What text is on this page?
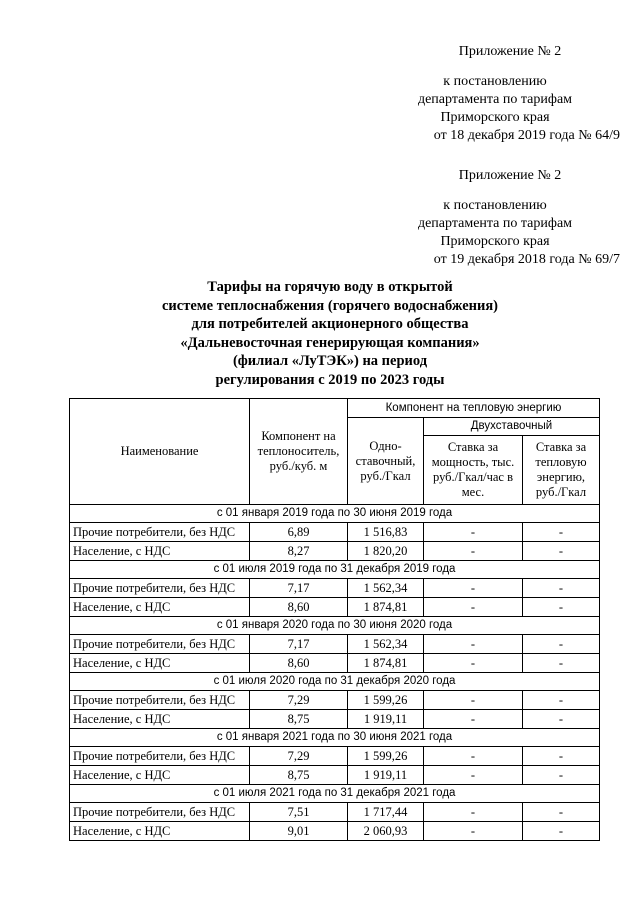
Приложение № 2
к постановлению
департамента по тарифам
Приморского края
от 18 декабря 2019 года № 64/9
Приложение № 2
к постановлению
департамента по тарифам
Приморского края
от 19 декабря 2018 года № 69/7
Тарифы на горячую воду в открытой
системе теплоснабжения (горячего водоснабжения)
для потребителей акционерного общества
«Дальневосточная генерирующая компания»
(филиал «ЛуТЭК») на период
регулирования с 2019 по 2023 годы
Наименование	Компонент на теплоноситель, руб./куб. м	Компонент на тепловую энергию		
		Одно-ставочный, руб./Гкал	Двухставочный	
			Ставка за мощность, тыс. руб./Гкал/час в мес.	Ставка за тепловую энергию, руб./Гкал
с 01 января 2019 года по 30 июня 2019 года				
Прочие потребители, без НДС	6,89	1 516,83	-	-
Население, с НДС	8,27	1 820,20	-	-
с 01 июля 2019 года по 31 декабря 2019 года				
Прочие потребители, без НДС	7,17	1 562,34	-	-
Население, с НДС	8,60	1 874,81	-	-
с 01 января 2020 года по 30 июня 2020 года				
Прочие потребители, без НДС	7,17	1 562,34	-	-
Население, с НДС	8,60	1 874,81	-	-
с 01 июля 2020 года по 31 декабря 2020 года				
Прочие потребители, без НДС	7,29	1 599,26	-	-
Население, с НДС	8,75	1 919,11	-	-
с 01 января 2021 года по 30 июня 2021 года				
Прочие потребители, без НДС	7,29	1 599,26	-	-
Население, с НДС	8,75	1 919,11	-	-
с 01 июля 2021 года по 31 декабря 2021 года				
Прочие потребители, без НДС	7,51	1 717,44	-	-
Население, с НДС	9,01	2 060,93	-	-
